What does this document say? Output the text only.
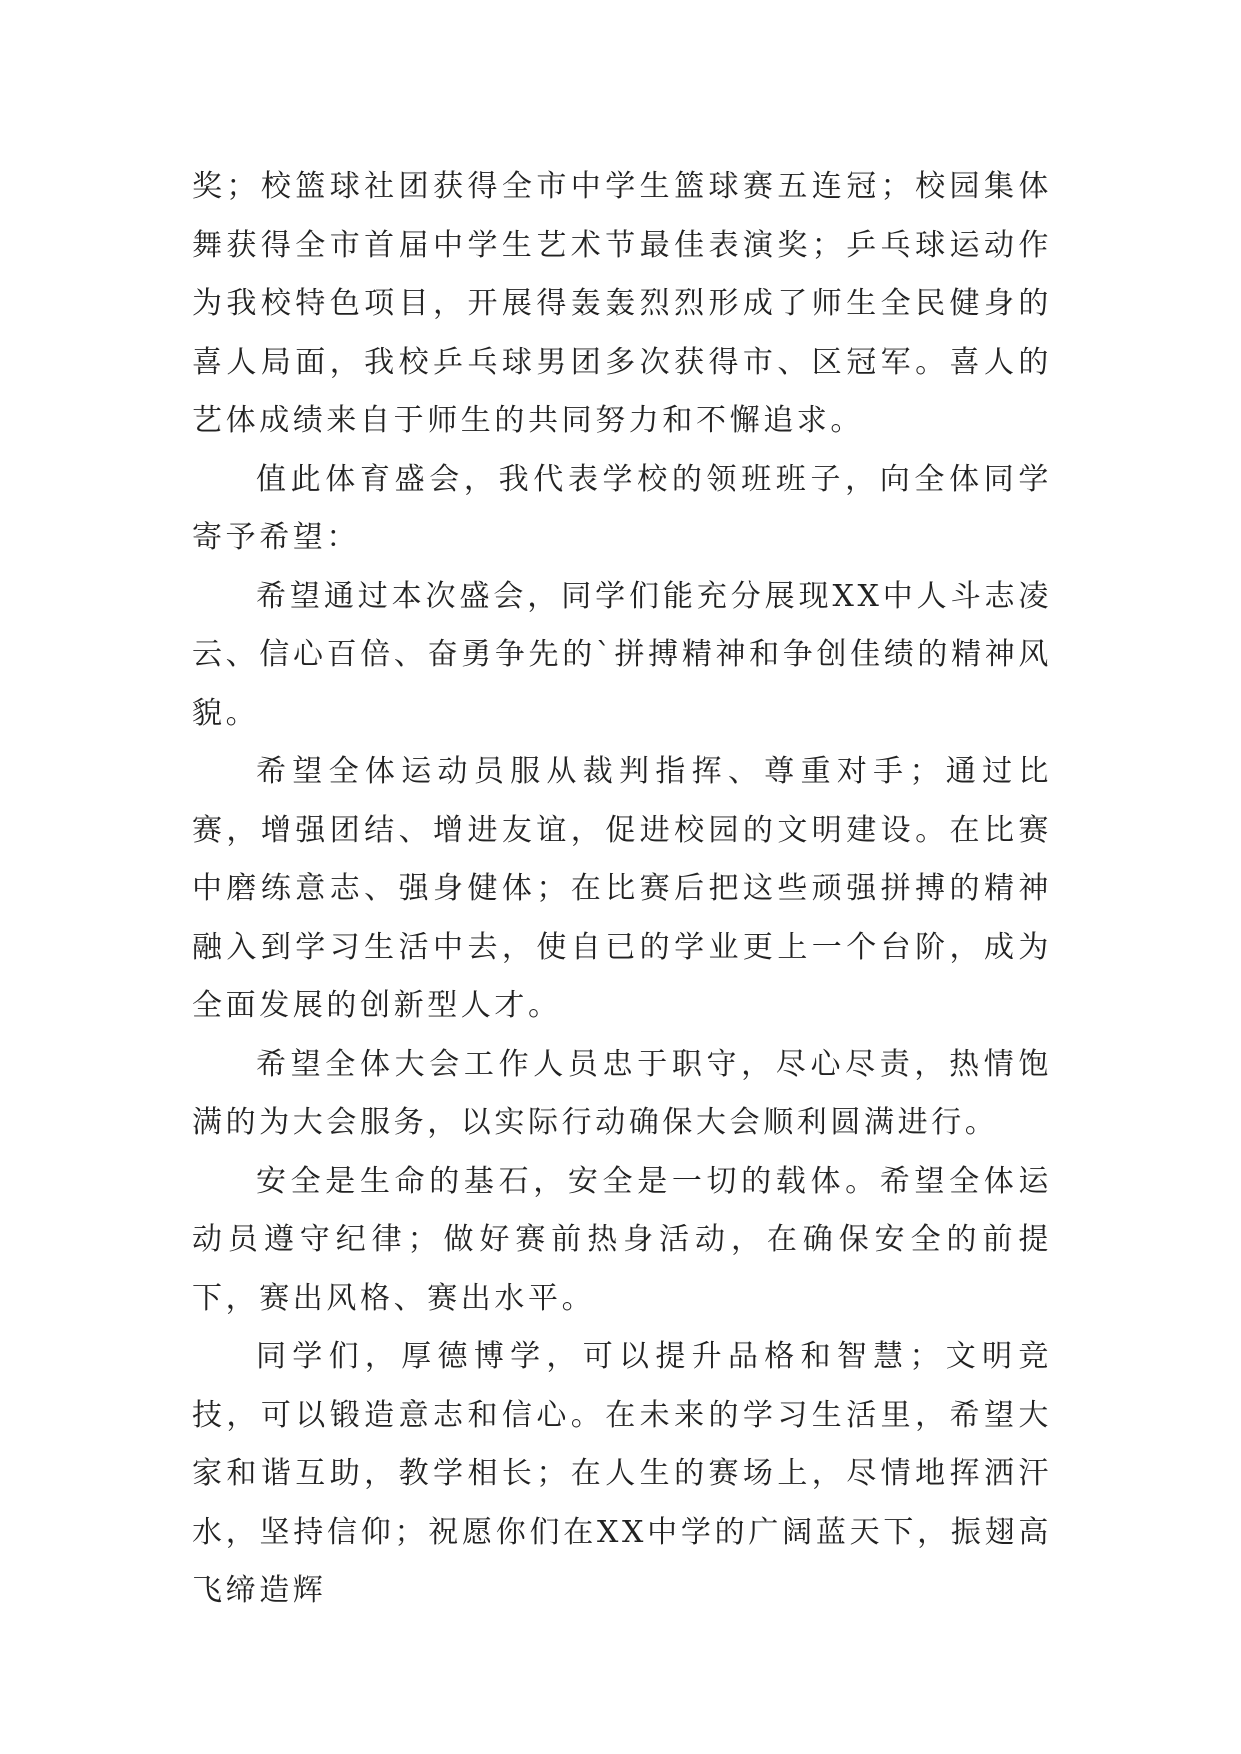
奖；校篮球社团获得全市中学生篮球赛五连冠；校园集体舞获得全市首届中学生艺术节最佳表演奖；乒乓球运动作为我校特色项目，开展得轰轰烈烈形成了师生全民健身的喜人局面，我校乒乓球男团多次获得市、区冠军。喜人的艺体成绩来自于师生的共同努力和不懈追求。

值此体育盛会，我代表学校的领班班子，向全体同学寄予希望：

希望通过本次盛会，同学们能充分展现XX中人斗志凌云、信心百倍、奋勇争先的`拼搏精神和争创佳绩的精神风貌。

希望全体运动员服从裁判指挥、尊重对手；通过比赛，增强团结、增进友谊，促进校园的文明建设。在比赛中磨练意志、强身健体；在比赛后把这些顽强拼搏的精神融入到学习生活中去，使自已的学业更上一个台阶，成为全面发展的创新型人才。

希望全体大会工作人员忠于职守，尽心尽责，热情饱满的为大会服务，以实际行动确保大会顺利圆满进行。

安全是生命的基石，安全是一切的载体。希望全体运动员遵守纪律；做好赛前热身活动，在确保安全的前提下，赛出风格、赛出水平。

同学们，厚德博学，可以提升品格和智慧；文明竞技，可以锻造意志和信心。在未来的学习生活里，希望大家和谐互助，教学相长；在人生的赛场上，尽情地挥洒汗水，坚持信仰；祝愿你们在XX中学的广阔蓝天下，振翅高飞缔造辉
